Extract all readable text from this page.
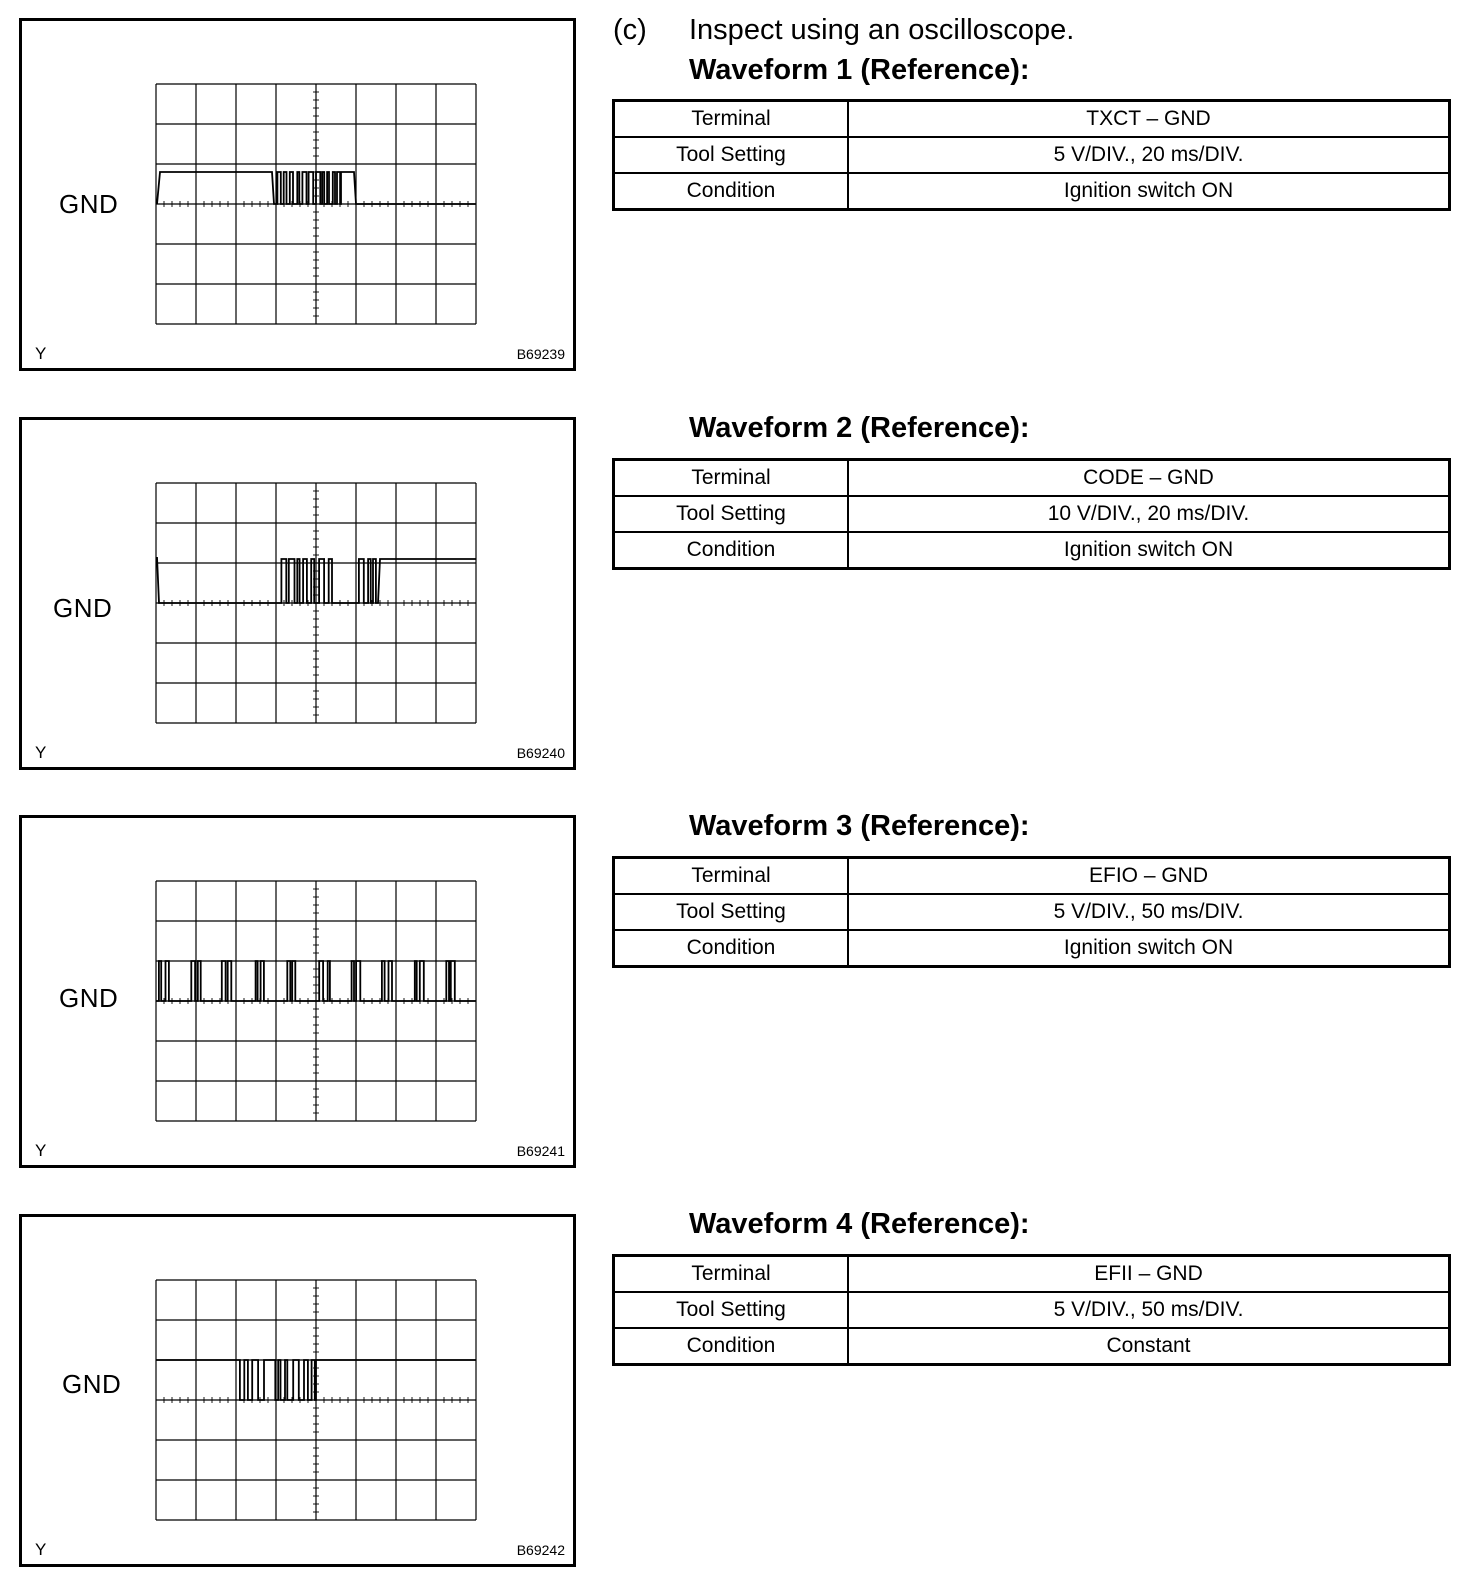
(c) Inspect using an oscilloscope.
GND
Y	B69239
Waveform 1 (Reference):
Terminal	TXCT – GND
Tool Setting	5 V/DIV., 20 ms/DIV.
Condition	Ignition switch ON
GND
Y	B69240
Waveform 2 (Reference):
Terminal	CODE – GND
Tool Setting	10 V/DIV., 20 ms/DIV.
Condition	Ignition switch ON
GND
Y	B69241
Waveform 3 (Reference):
Terminal	EFIO – GND
Tool Setting	5 V/DIV., 50 ms/DIV.
Condition	Ignition switch ON
GND
Y	B69242
Waveform 4 (Reference):
Terminal	EFII – GND
Tool Setting	5 V/DIV., 50 ms/DIV.
Condition	Constant
